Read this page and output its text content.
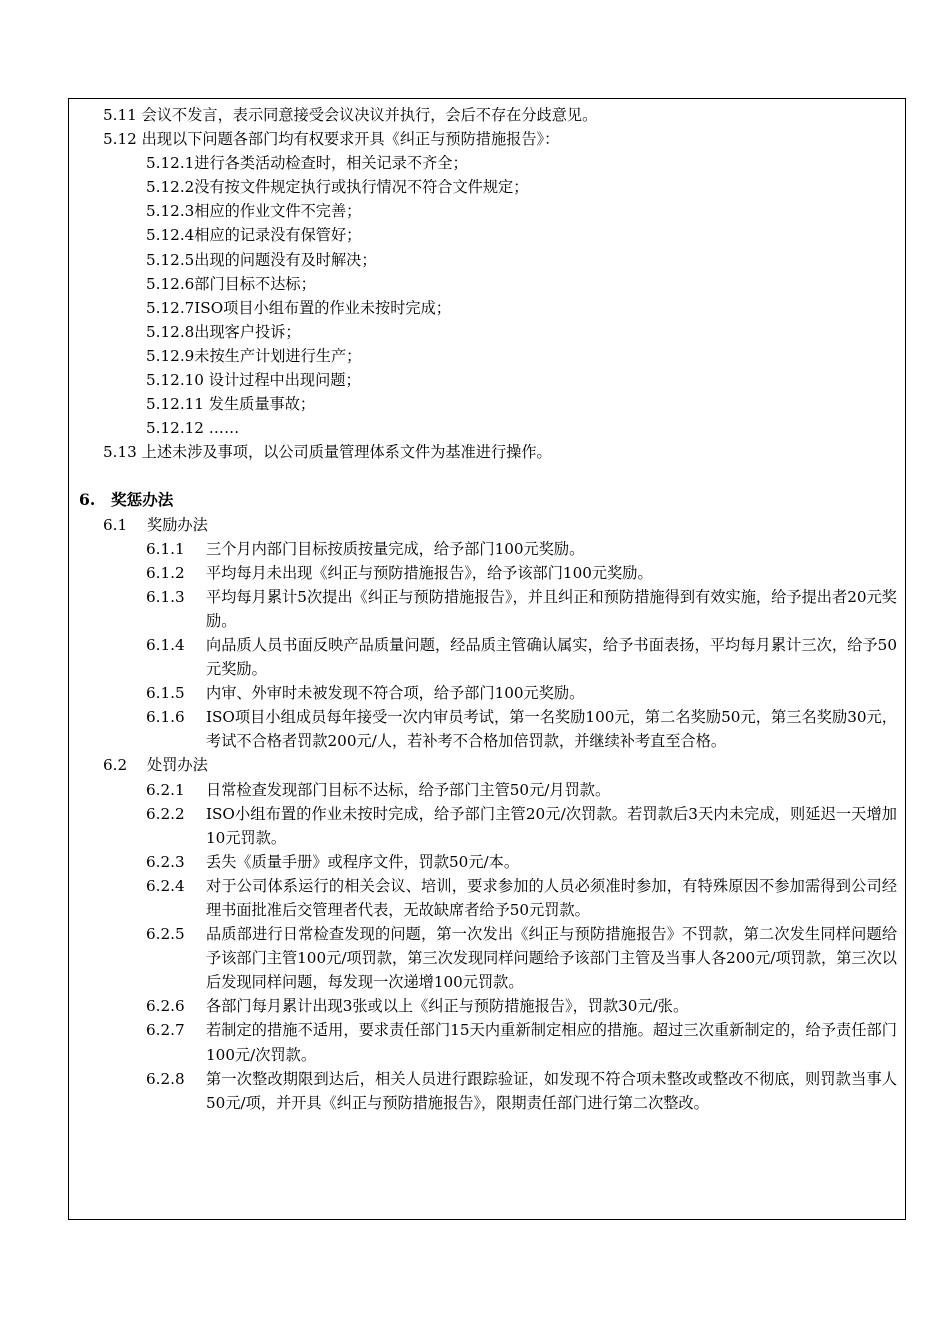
5.11 会议不发言，表示同意接受会议决议并执行，会后不存在分歧意见。
5.12 出现以下问题各部门均有权要求开具《纠正与预防措施报告》：
5.12.1进行各类活动检查时，相关记录不齐全；
5.12.2没有按文件规定执行或执行情况不符合文件规定；
5.12.3相应的作业文件不完善；
5.12.4相应的记录没有保管好；
5.12.5出现的问题没有及时解决；
5.12.6部门目标不达标；
5.12.7ISO项目小组布置的作业未按时完成；
5.12.8出现客户投诉；
5.12.9未按生产计划进行生产；
5.12.10 设计过程中出现问题；
5.12.11 发生质量事故；
5.12.12 ……
5.13 上述未涉及事项，以公司质量管理体系文件为基准进行操作。
6. 奖惩办法
6.1 奖励办法
6.1.1	三个月内部门目标按质按量完成，给予部门100元奖励。
6.1.2	平均每月未出现《纠正与预防措施报告》，给予该部门100元奖励。
6.1.3	平均每月累计5次提出《纠正与预防措施报告》，并且纠正和预防措施得到有效实施，给予提出者20元奖励。
6.1.4	向品质人员书面反映产品质量问题，经品质主管确认属实，给予书面表扬，平均每月累计三次，给予50元奖励。
6.1.5	内审、外审时未被发现不符合项，给予部门100元奖励。
6.1.6	ISO项目小组成员每年接受一次内审员考试，第一名奖励100元，第二名奖励50元，第三名奖励30元，考试不合格者罚款200元/人，若补考不合格加倍罚款，并继续补考直至合格。
6.2 处罚办法
6.2.1	日常检查发现部门目标不达标，给予部门主管50元/月罚款。
6.2.2	ISO小组布置的作业未按时完成，给予部门主管20元/次罚款。若罚款后3天内未完成，则延迟一天增加10元罚款。
6.2.3	丢失《质量手册》或程序文件，罚款50元/本。
6.2.4	对于公司体系运行的相关会议、培训，要求参加的人员必须准时参加，有特殊原因不参加需得到公司经理书面批准后交管理者代表，无故缺席者给予50元罚款。
6.2.5	品质部进行日常检查发现的问题，第一次发出《纠正与预防措施报告》不罚款，第二次发生同样问题给予该部门主管100元/项罚款，第三次发现同样问题给予该部门主管及当事人各200元/项罚款，第三次以后发现同样问题，每发现一次递增100元罚款。
6.2.6	各部门每月累计出现3张或以上《纠正与预防措施报告》，罚款30元/张。
6.2.7	若制定的措施不适用，要求责任部门15天内重新制定相应的措施。超过三次重新制定的，给予责任部门100元/次罚款。
6.2.8	第一次整改期限到达后，相关人员进行跟踪验证，如发现不符合项未整改或整改不彻底，则罚款当事人50元/项，并开具《纠正与预防措施报告》，限期责任部门进行第二次整改。
